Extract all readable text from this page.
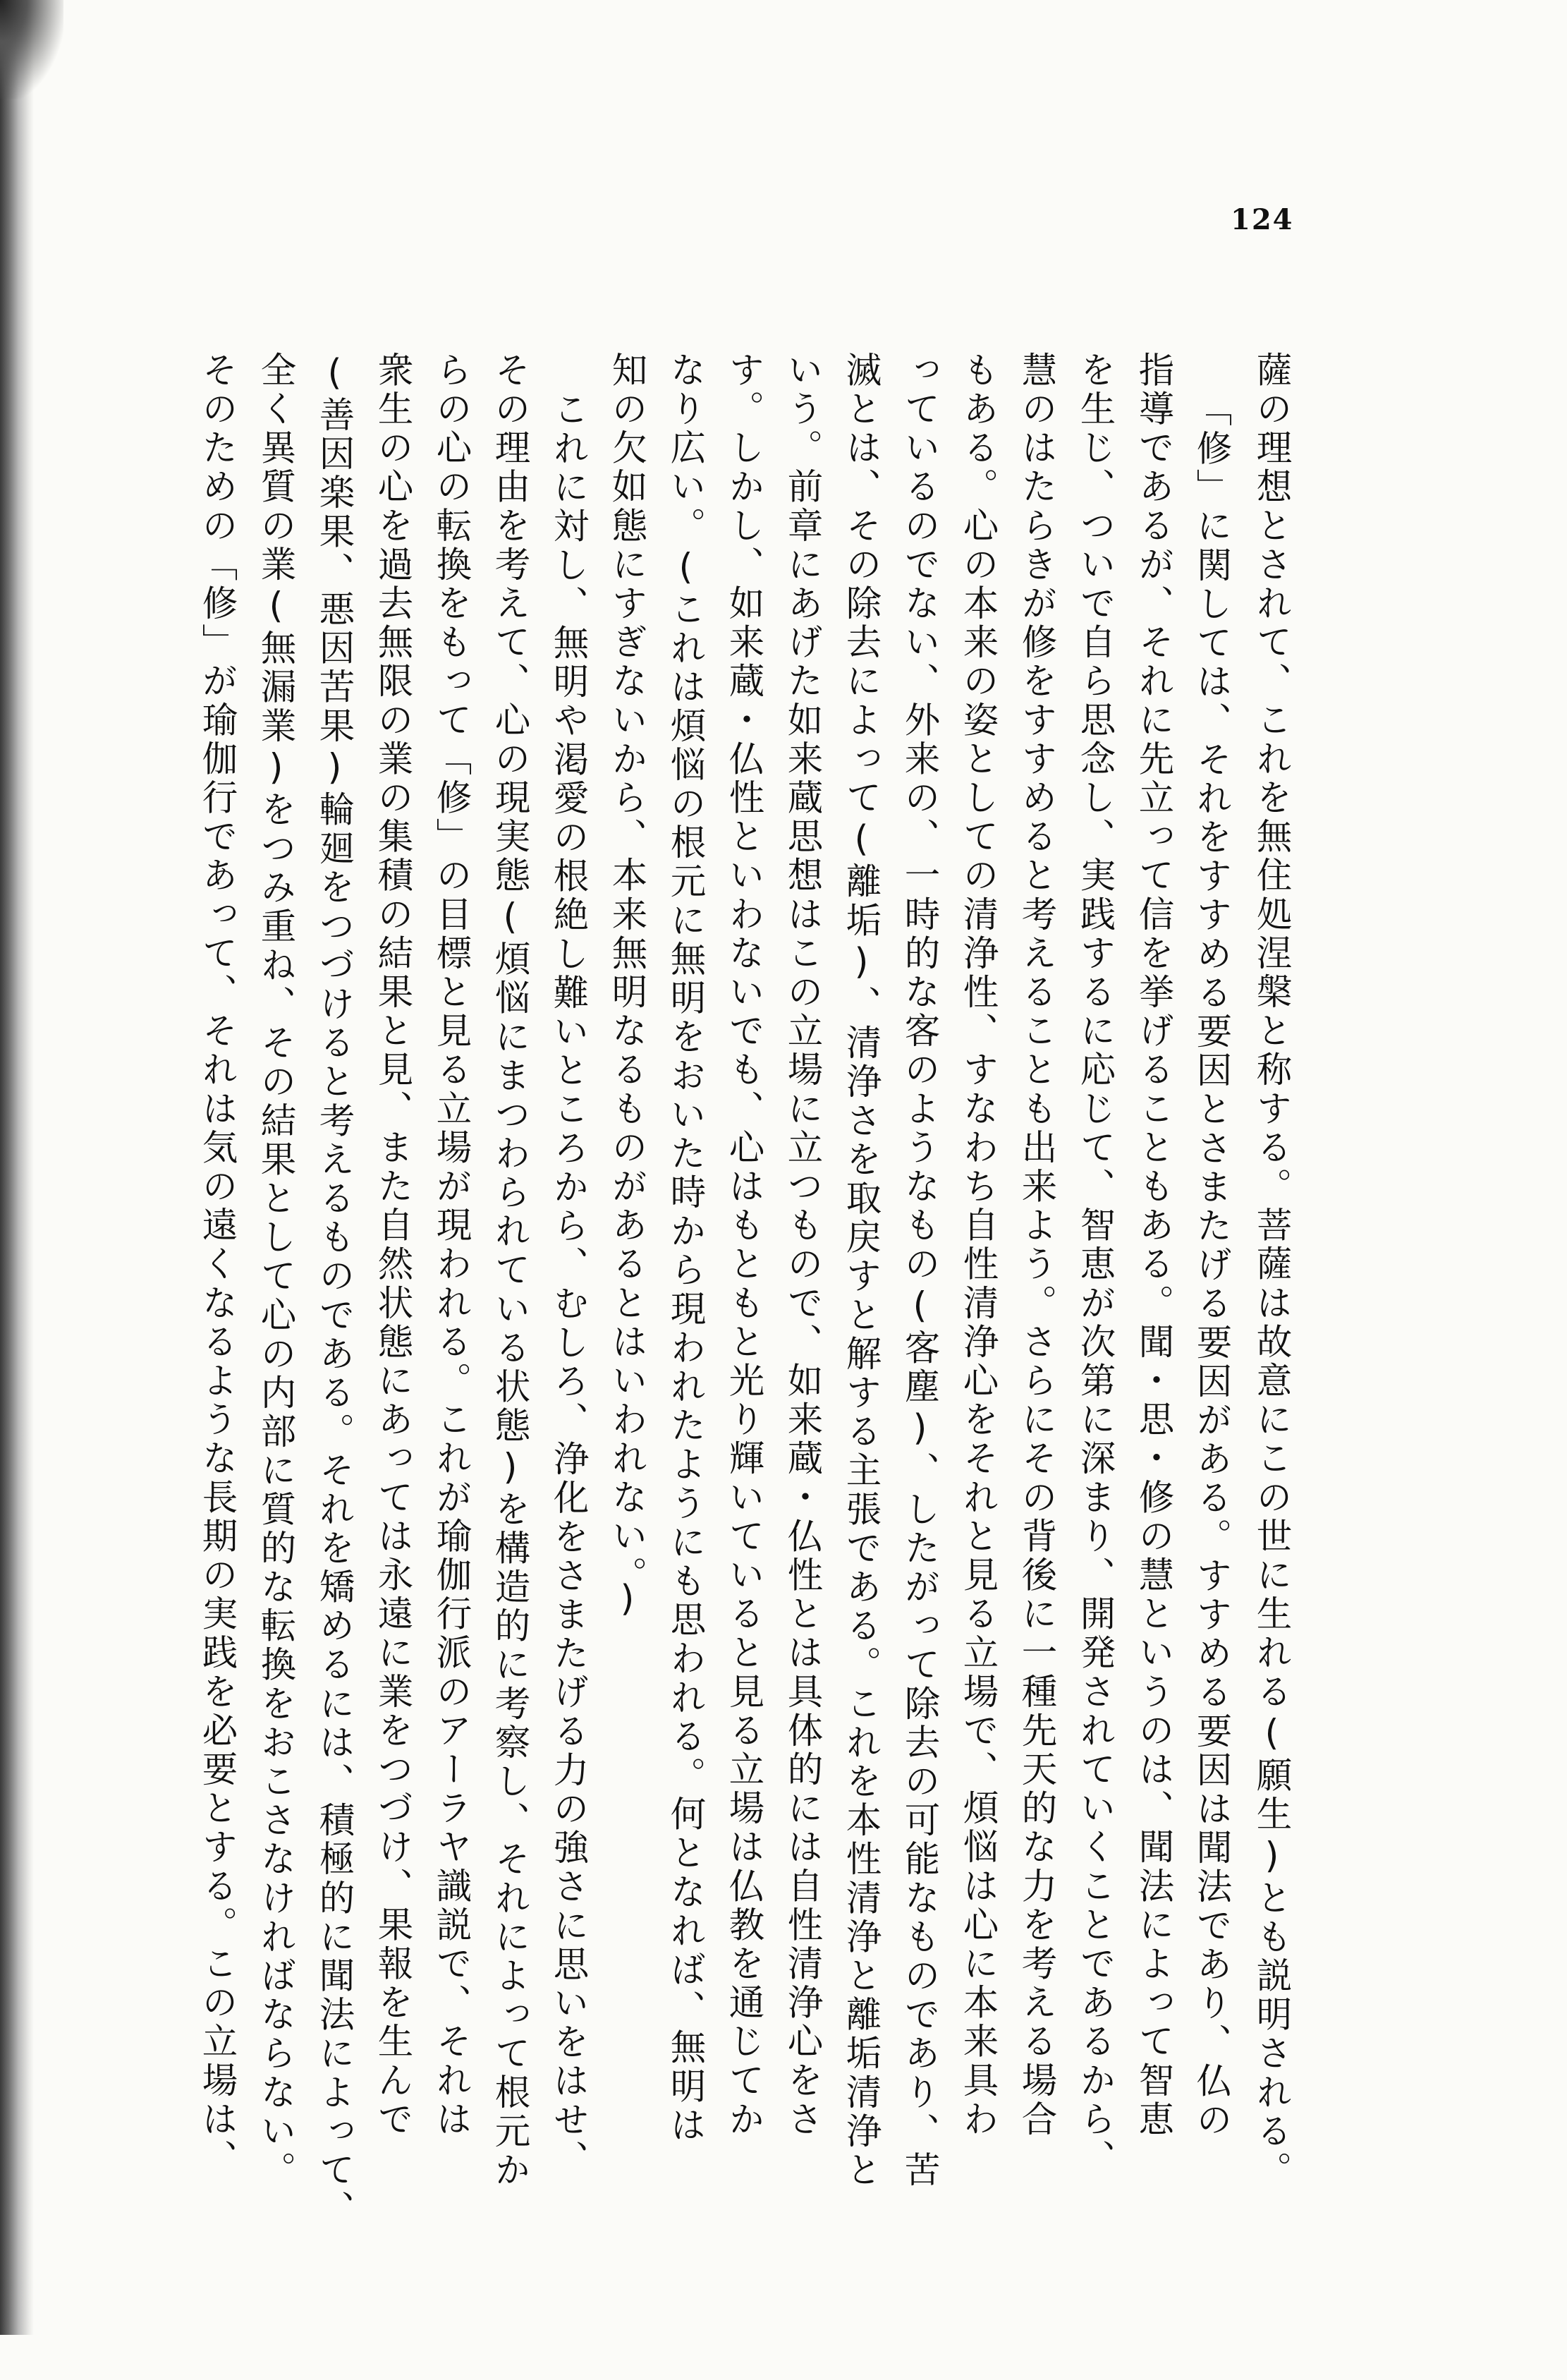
124
薩の理想とされて、これを無住処涅槃と称する。菩薩は故意にこの世に生れる(願生)とも説明される。
「修」に関しては、それをすすめる要因とさまたげる要因がある。すすめる要因は聞法であり、仏の
指導であるが、それに先立って信を挙げることもある。聞・思・修の慧というのは、聞法によって智恵
を生じ、ついで自ら思念し、実践するに応じて、智恵が次第に深まり、開発されていくことであるから、
慧のはたらきが修をすすめると考えることも出来よう。さらにその背後に一種先天的な力を考える場合
もある。心の本来の姿としての清浄性、すなわち自性清浄心をそれと見る立場で、煩悩は心に本来具わ
っているのでない、外来の、一時的な客のようなもの(客塵)、したがって除去の可能なものであり、苦
滅とは、その除去によって(離垢)、清浄さを取戻すと解する主張である。これを本性清浄と離垢清浄と
いう。前章にあげた如来蔵思想はこの立場に立つもので、如来蔵・仏性とは具体的には自性清浄心をさ
す。しかし、如来蔵・仏性といわないでも、心はもともと光り輝いていると見る立場は仏教を通じてか
なり広い。(これは煩悩の根元に無明をおいた時から現われたようにも思われる。何となれば、無明は
知の欠如態にすぎないから、本来無明なるものがあるとはいわれない。)
これに対し、無明や渇愛の根絶し難いところから、むしろ、浄化をさまたげる力の強さに思いをはせ、
その理由を考えて、心の現実態(煩悩にまつわられている状態)を構造的に考察し、それによって根元か
らの心の転換をもって「修」の目標と見る立場が現われる。これが瑜伽行派のアーラヤ識説で、それは
衆生の心を過去無限の業の集積の結果と見、また自然状態にあっては永遠に業をつづけ、果報を生んで
(善因楽果、悪因苦果)輪廻をつづけると考えるものである。それを矯めるには、積極的に聞法によって、
全く異質の業(無漏業)をつみ重ね、その結果として心の内部に質的な転換をおこさなければならない。
そのための「修」が瑜伽行であって、それは気の遠くなるような長期の実践を必要とする。この立場は、
